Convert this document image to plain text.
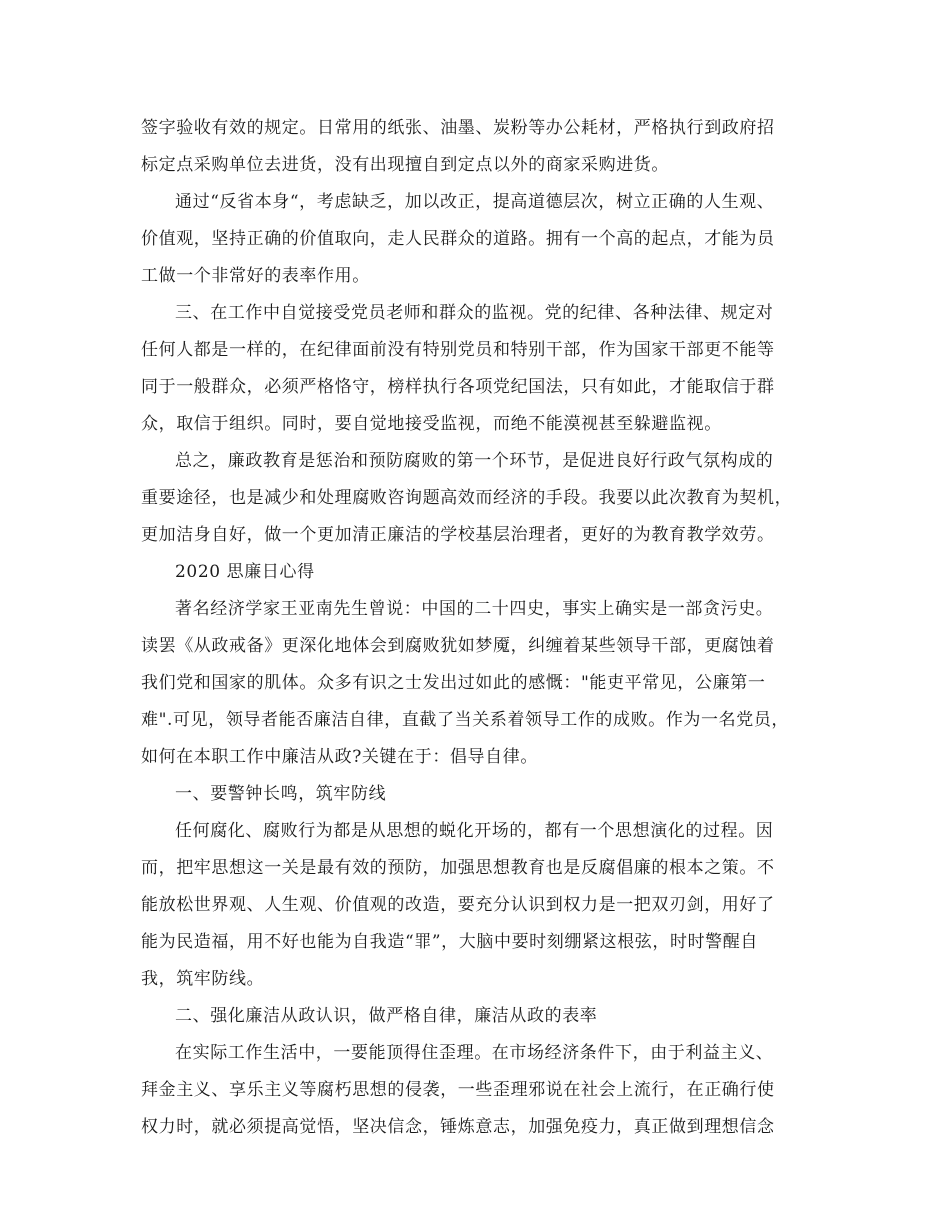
签字验收有效的规定。日常用的纸张、油墨、炭粉等办公耗材，严格执行到政府招
标定点采购单位去进货，没有出现擅自到定点以外的商家采购进货。
通过“反省本身“，考虑缺乏，加以改正，提高道德层次，树立正确的人生观、
价值观，坚持正确的价值取向，走人民群众的道路。拥有一个高的起点，才能为员
工做一个非常好的表率作用。
三、在工作中自觉接受党员老师和群众的监视。党的纪律、各种法律、规定对
任何人都是一样的，在纪律面前没有特别党员和特别干部，作为国家干部更不能等
同于一般群众，必须严格恪守，榜样执行各项党纪国法，只有如此，才能取信于群
众，取信于组织。同时，要自觉地接受监视，而绝不能漠视甚至躲避监视。
总之，廉政教育是惩治和预防腐败的第一个环节，是促进良好行政气氛构成的
重要途径，也是减少和处理腐败咨询题高效而经济的手段。我要以此次教育为契机，
更加洁身自好，做一个更加清正廉洁的学校基层治理者，更好的为教育教学效劳。
2020 思廉日心得
著名经济学家王亚南先生曾说：中国的二十四史，事实上确实是一部贪污史。
读罢《从政戒备》更深化地体会到腐败犹如梦魇，纠缠着某些领导干部，更腐蚀着
我们党和国家的肌体。众多有识之士发出过如此的感慨："能吏平常见，公廉第一
难".可见，领导者能否廉洁自律，直截了当关系着领导工作的成败。作为一名党员，
如何在本职工作中廉洁从政?关键在于：倡导自律。
一、要警钟长鸣，筑牢防线
任何腐化、腐败行为都是从思想的蜕化开场的，都有一个思想演化的过程。因
而，把牢思想这一关是最有效的预防，加强思想教育也是反腐倡廉的根本之策。不
能放松世界观、人生观、价值观的改造，要充分认识到权力是一把双刃剑，用好了
能为民造福，用不好也能为自我造“罪”，大脑中要时刻绷紧这根弦，时时警醒自
我，筑牢防线。
二、强化廉洁从政认识，做严格自律，廉洁从政的表率
在实际工作生活中，一要能顶得住歪理。在市场经济条件下，由于利益主义、
拜金主义、享乐主义等腐朽思想的侵袭，一些歪理邪说在社会上流行，在正确行使
权力时，就必须提高觉悟，坚决信念，锤炼意志，加强免疫力，真正做到理想信念
